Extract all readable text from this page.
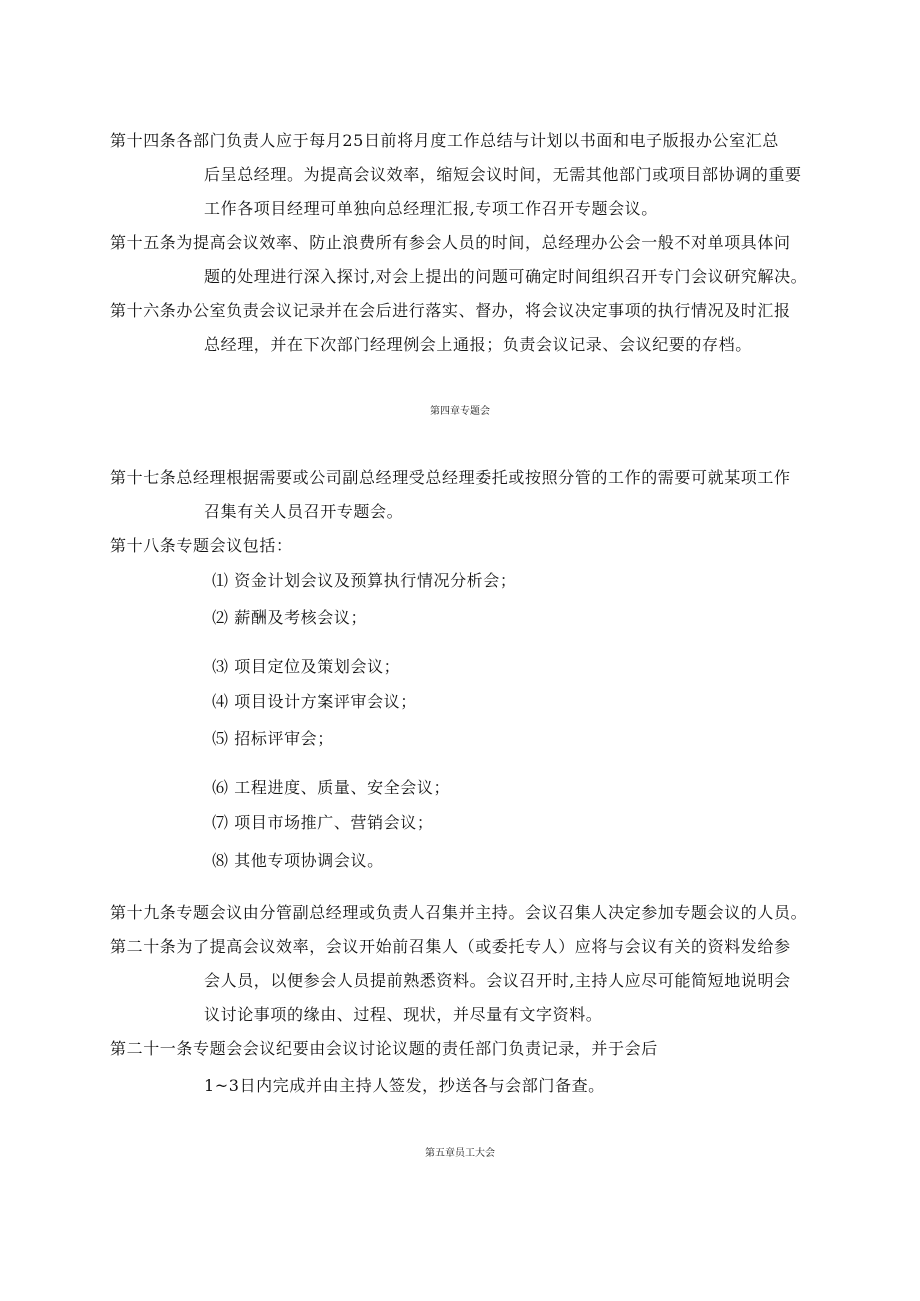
第十四条各部门负责人应于每月25日前将月度工作总结与计划以书面和电子版报办公室汇总
后呈总经理。为提高会议效率，缩短会议时间，无需其他部门或项目部协调的重要
工作各项目经理可单独向总经理汇报,专项工作召开专题会议。
第十五条为提高会议效率、防止浪费所有参会人员的时间，总经理办公会一般不对单项具体问
题的处理进行深入探讨,对会上提出的问题可确定时间组织召开专门会议研究解决。
第十六条办公室负责会议记录并在会后进行落实、督办，将会议决定事项的执行情况及时汇报
总经理，并在下次部门经理例会上通报；负责会议记录、会议纪要的存档。
第四章专题会
第十七条总经理根据需要或公司副总经理受总经理委托或按照分管的工作的需要可就某项工作
召集有关人员召开专题会。
第十八条专题会议包括：
⑴ 资金计划会议及预算执行情况分析会；
⑵ 薪酬及考核会议；
⑶ 项目定位及策划会议；
⑷ 项目设计方案评审会议；
⑸ 招标评审会；
⑹ 工程进度、质量、安全会议；
⑺ 项目市场推广、营销会议；
⑻ 其他专项协调会议。
第十九条专题会议由分管副总经理或负责人召集并主持。会议召集人决定参加专题会议的人员。
第二十条为了提高会议效率，会议开始前召集人（或委托专人）应将与会议有关的资料发给参
会人员，以便参会人员提前熟悉资料。会议召开时,主持人应尽可能简短地说明会
议讨论事项的缘由、过程、现状，并尽量有文字资料。
第二十一条专题会会议纪要由会议讨论议题的责任部门负责记录，并于会后
1~3日内完成并由主持人签发，抄送各与会部门备查。
第五章员工大会
